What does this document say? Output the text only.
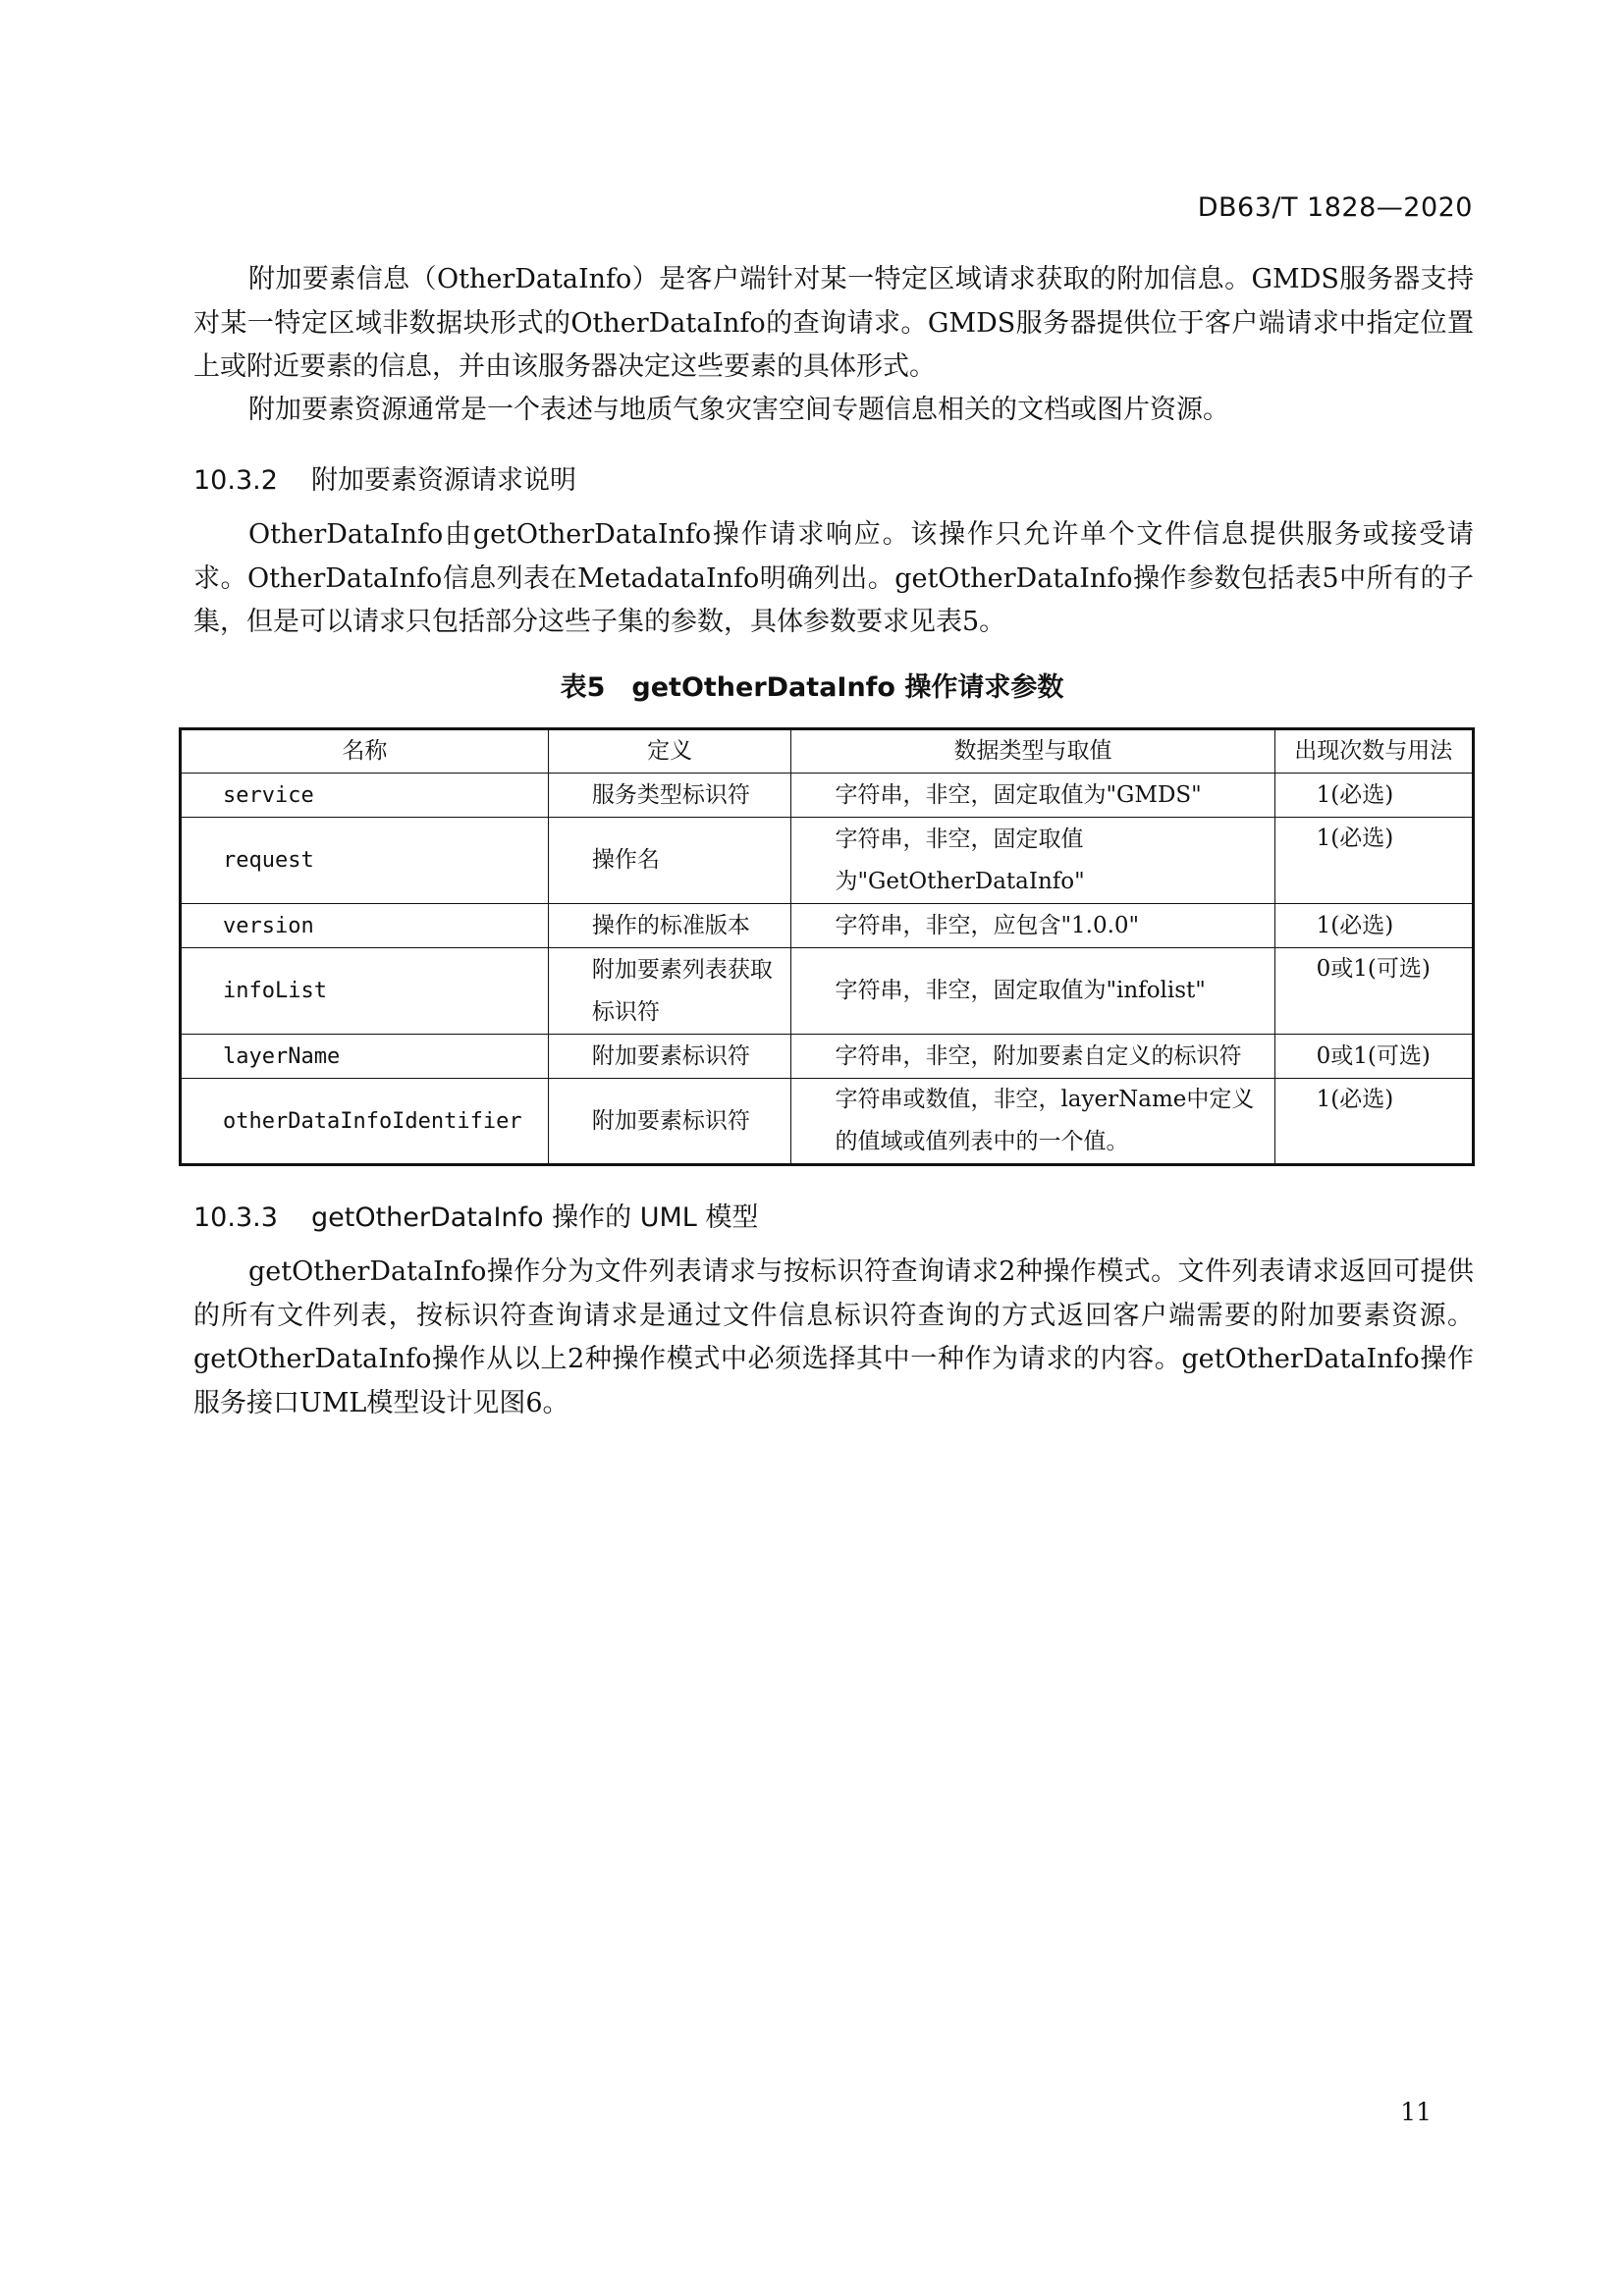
DB63/T 1828—2020
附加要素信息（OtherDataInfo）是客户端针对某一特定区域请求获取的附加信息。GMDS服务器支持对某一特定区域非数据块形式的OtherDataInfo的查询请求。GMDS服务器提供位于客户端请求中指定位置上或附近要素的信息，并由该服务器决定这些要素的具体形式。
附加要素资源通常是一个表述与地质气象灾害空间专题信息相关的文档或图片资源。
10.3.2 附加要素资源请求说明
OtherDataInfo由getOtherDataInfo操作请求响应。该操作只允许单个文件信息提供服务或接受请求。OtherDataInfo信息列表在MetadataInfo明确列出。getOtherDataInfo操作参数包括表5中所有的子集，但是可以请求只包括部分这些子集的参数，具体参数要求见表5。
表5　getOtherDataInfo 操作请求参数
名称	定义	数据类型与取值	出现次数与用法
service	服务类型标识符	字符串，非空，固定取值为"GMDS"	1(必选)
request	操作名	字符串，非空，固定取值为"GetOtherDataInfo"	1(必选)
version	操作的标准版本	字符串，非空，应包含"1.0.0"	1(必选)
infoList	附加要素列表获取标识符	字符串，非空，固定取值为"infolist"	0或1(可选)
layerName	附加要素标识符	字符串，非空，附加要素自定义的标识符	0或1(可选)
otherDataInfoIdentifier	附加要素标识符	字符串或数值，非空，layerName中定义的值域或值列表中的一个值。	1(必选)
10.3.3 getOtherDataInfo 操作的 UML 模型
getOtherDataInfo操作分为文件列表请求与按标识符查询请求2种操作模式。文件列表请求返回可提供的所有文件列表，按标识符查询请求是通过文件信息标识符查询的方式返回客户端需要的附加要素资源。getOtherDataInfo操作从以上2种操作模式中必须选择其中一种作为请求的内容。getOtherDataInfo操作服务接口UML模型设计见图6。
11
